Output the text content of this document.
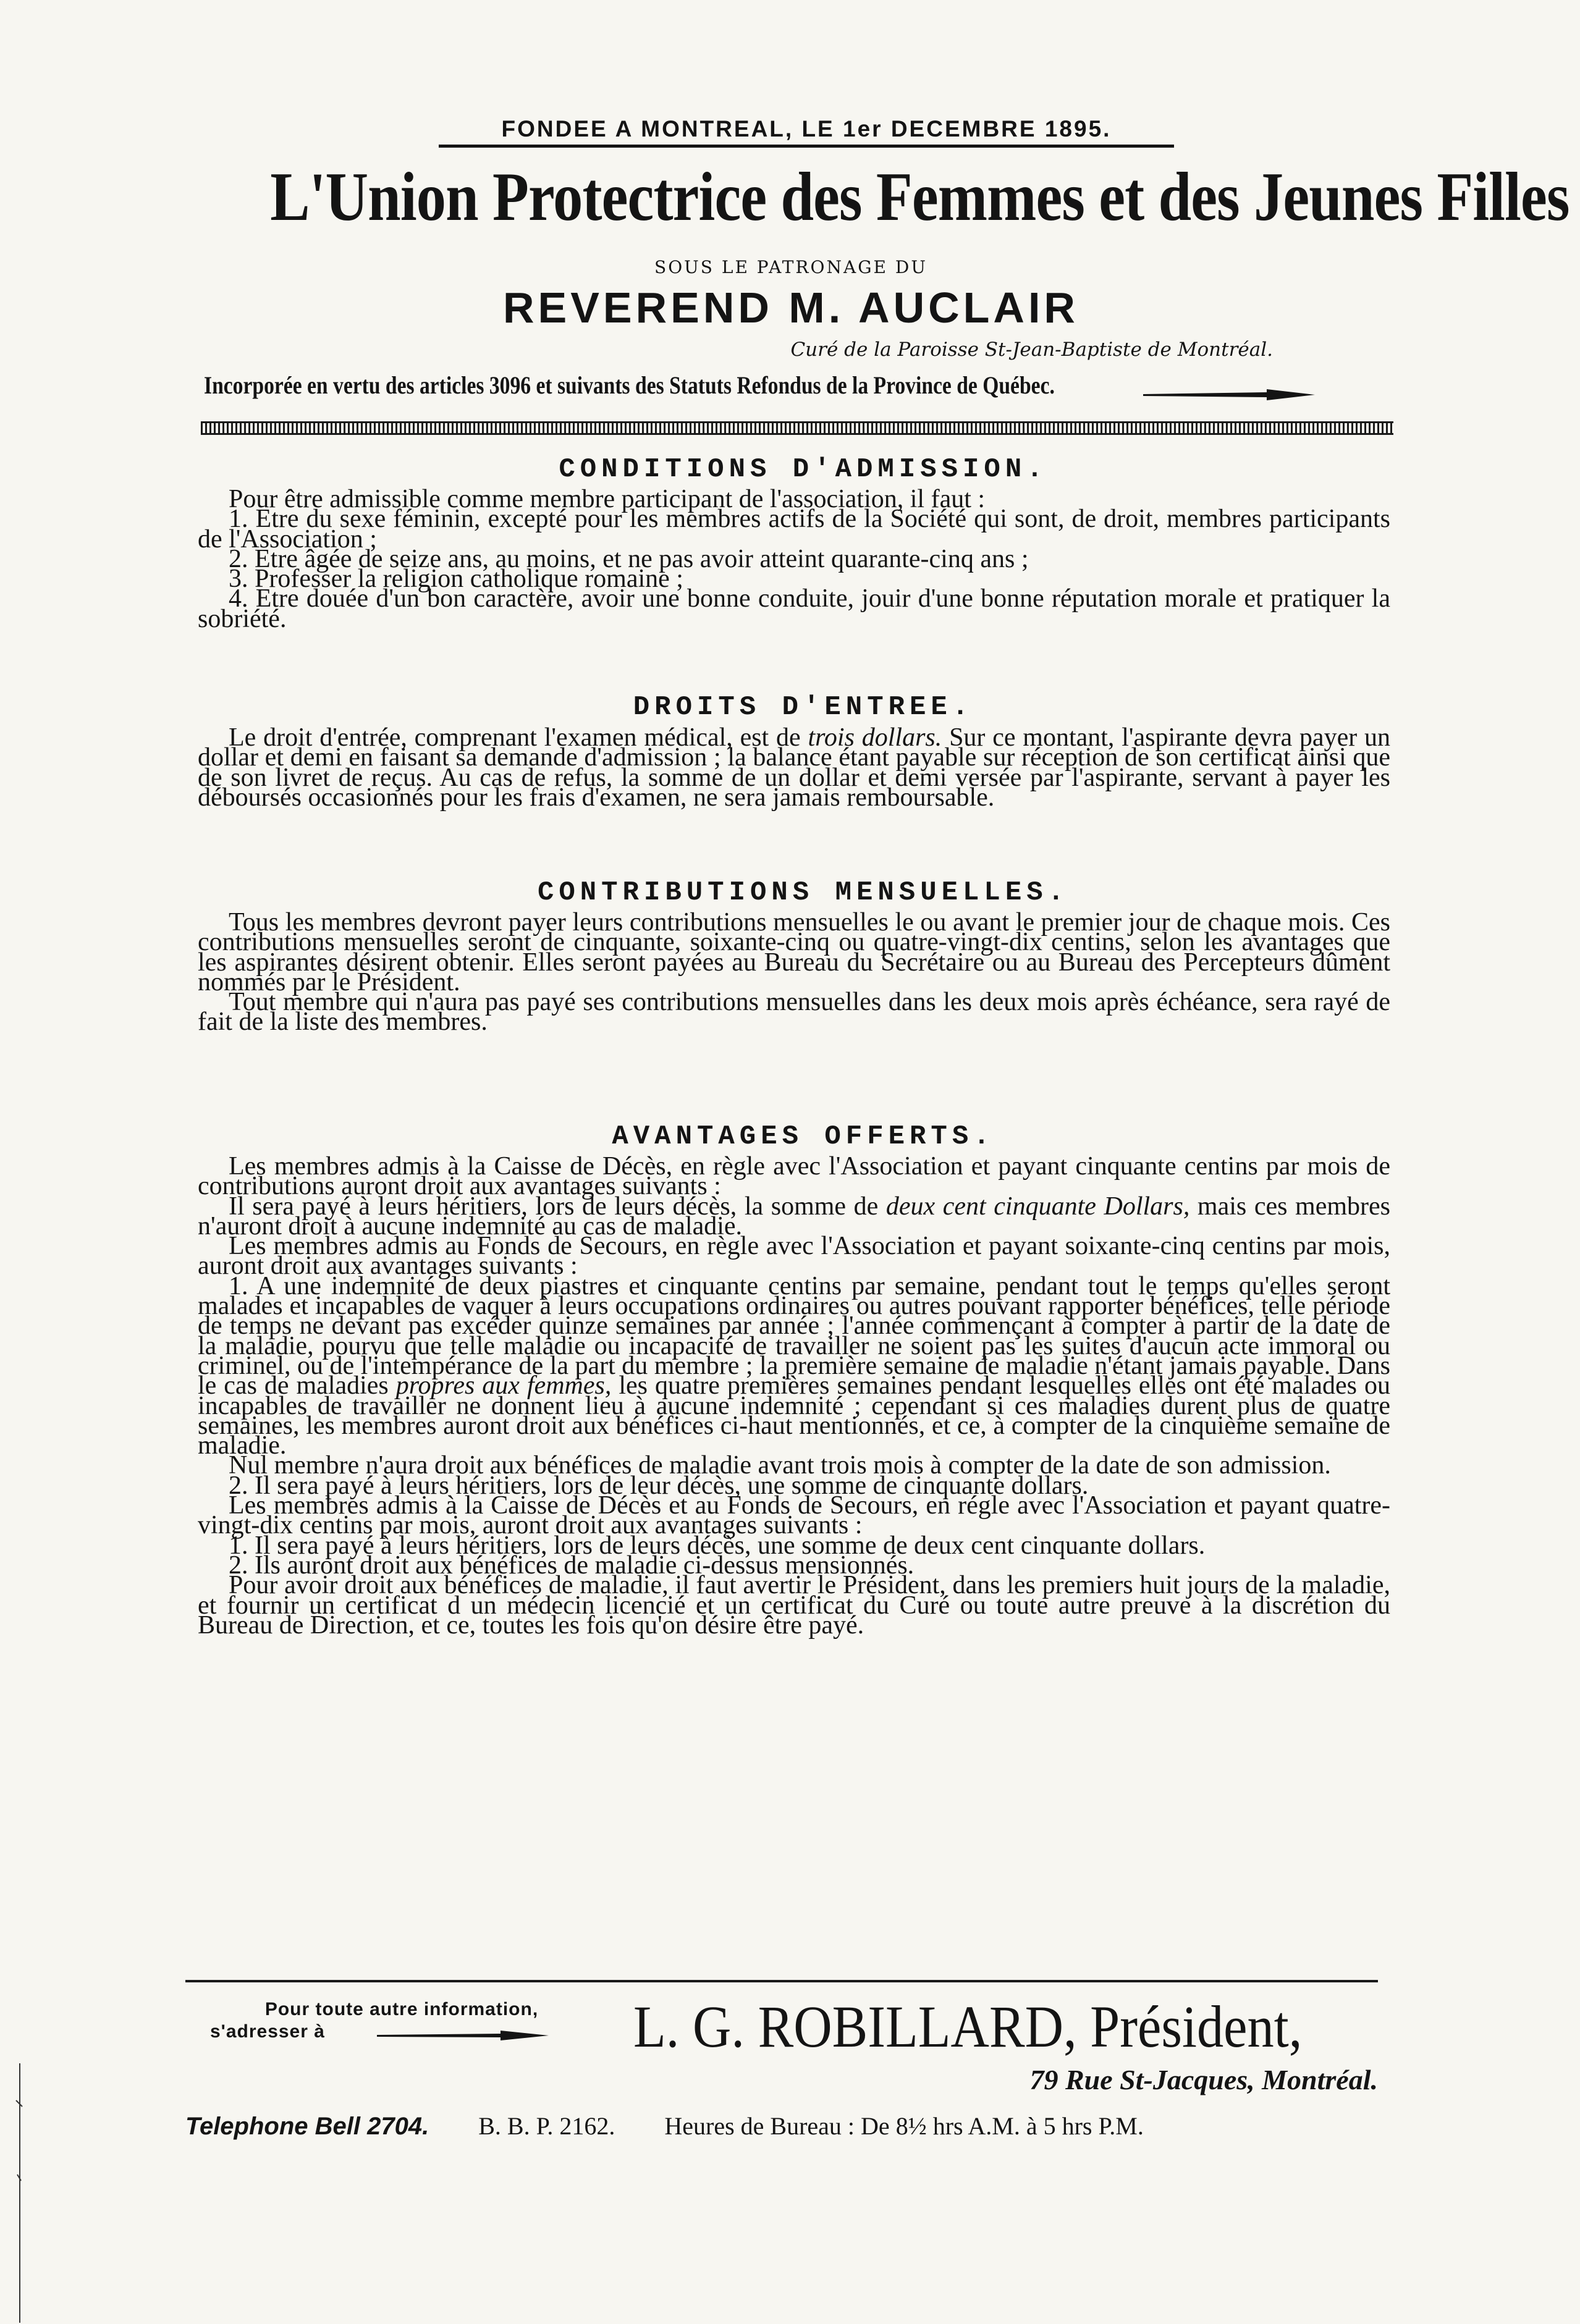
FONDEE A MONTREAL, LE 1er DECEMBRE 1895.
L'Union Protectrice des Femmes et des Jeunes Filles
SOUS LE PATRONAGE DU
REVEREND M. AUCLAIR
Curé de la Paroisse St-Jean-Baptiste de Montréal.
Incorporée en vertu des articles 3096 et suivants des Statuts Refondus de la Province de Québec.
CONDITIONS D'ADMISSION.

Pour être admissible comme membre participant de l'association, il faut :

1. Etre du sexe féminin, excepté pour les membres actifs de la Société qui sont, de droit, membres participants de l'Association ;

2. Etre âgée de seize ans, au moins, et ne pas avoir atteint quarante-cinq ans ;

3. Professer la religion catholique romaine ;

4. Etre douée d'un bon caractère, avoir une bonne conduite, jouir d'une bonne réputation morale et pratiquer la sobriété.

DROITS D'ENTREE.

Le droit d'entrée, comprenant l'examen médical, est de trois dollars. Sur ce montant, l'aspirante devra payer un dollar et demi en faisant sa demande d'admission ; la balance étant payable sur réception de son certificat ainsi que de son livret de reçus. Au cas de refus, la somme de un dollar et demi versée par l'aspirante, servant à payer les déboursés occasionnés pour les frais d'examen, ne sera jamais remboursable.

CONTRIBUTIONS MENSUELLES.

Tous les membres devront payer leurs contributions mensuelles le ou avant le premier jour de chaque mois. Ces contributions mensuelles seront de cinquante, soixante-cinq ou quatre-vingt-dix centins, selon les avantages que les aspirantes désirent obtenir. Elles seront payées au Bureau du Secrétaire ou au Bureau des Percepteurs dûment nommés par le Président.

Tout membre qui n'aura pas payé ses contributions mensuelles dans les deux mois après échéance, sera rayé de fait de la liste des membres.

AVANTAGES OFFERTS.

Les membres admis à la Caisse de Décès, en règle avec l'Association et payant cinquante centins par mois de contributions auront droit aux avantages suivants :

Il sera payé à leurs héritiers, lors de leurs décès, la somme de deux cent cinquante Dollars, mais ces membres n'auront droit à aucune indemnité au cas de maladie.

Les membres admis au Fonds de Secours, en règle avec l'Association et payant soixante-cinq centins par mois, auront droit aux avantages suivants :

1. A une indemnité de deux piastres et cinquante centins par semaine, pendant tout le temps qu'elles seront malades et incapables de vaquer à leurs occupations ordinaires ou autres pouvant rapporter bénéfices, telle période de temps ne devant pas excéder quinze semaines par année ; l'année commençant à compter à partir de la date de la maladie, pourvu que telle maladie ou incapacité de travailler ne soient pas les suites d'aucun acte immoral ou criminel, ou de l'intempérance de la part du membre ; la première semaine de maladie n'étant jamais payable. Dans le cas de maladies propres aux femmes, les quatre premières semaines pendant lesquelles elles ont été malades ou incapables de travailler ne donnent lieu à aucune indemnité ; cependant si ces maladies durent plus de quatre semaines, les membres auront droit aux bénéfices ci-haut mentionnés, et ce, à compter de la cinquième semaine de maladie.

Nul membre n'aura droit aux bénéfices de maladie avant trois mois à compter de la date de son admission.

2. Il sera payé à leurs héritiers, lors de leur décès, une somme de cinquante dollars.

Les membres admis à la Caisse de Décès et au Fonds de Secours, en régle avec l'Association et payant quatre-vingt-dix centins par mois, auront droit aux avantages suivants :

1. Il sera payé à leurs héritiers, lors de leurs décès, une somme de deux cent cinquante dollars.

2. Ils auront droit aux bénéfices de maladie ci-dessus mensionnés.

Pour avoir droit aux bénéfices de maladie, il faut avertir le Président, dans les premiers huit jours de la maladie, et fournir un certificat d un médecin licencié et un certificat du Curé ou toute autre preuve à la discrétion du Bureau de Direction, et ce, toutes les fois qu'on désire être payé.

Pour toute autre information,
s'adresser à	L. G. ROBILLARD, Président,
79 Rue St-Jacques, Montréal.
Telephone Bell 2704. B. B. P. 2162. Heures de Bureau : De 8½ hrs A.M. à 5 hrs P.M.
